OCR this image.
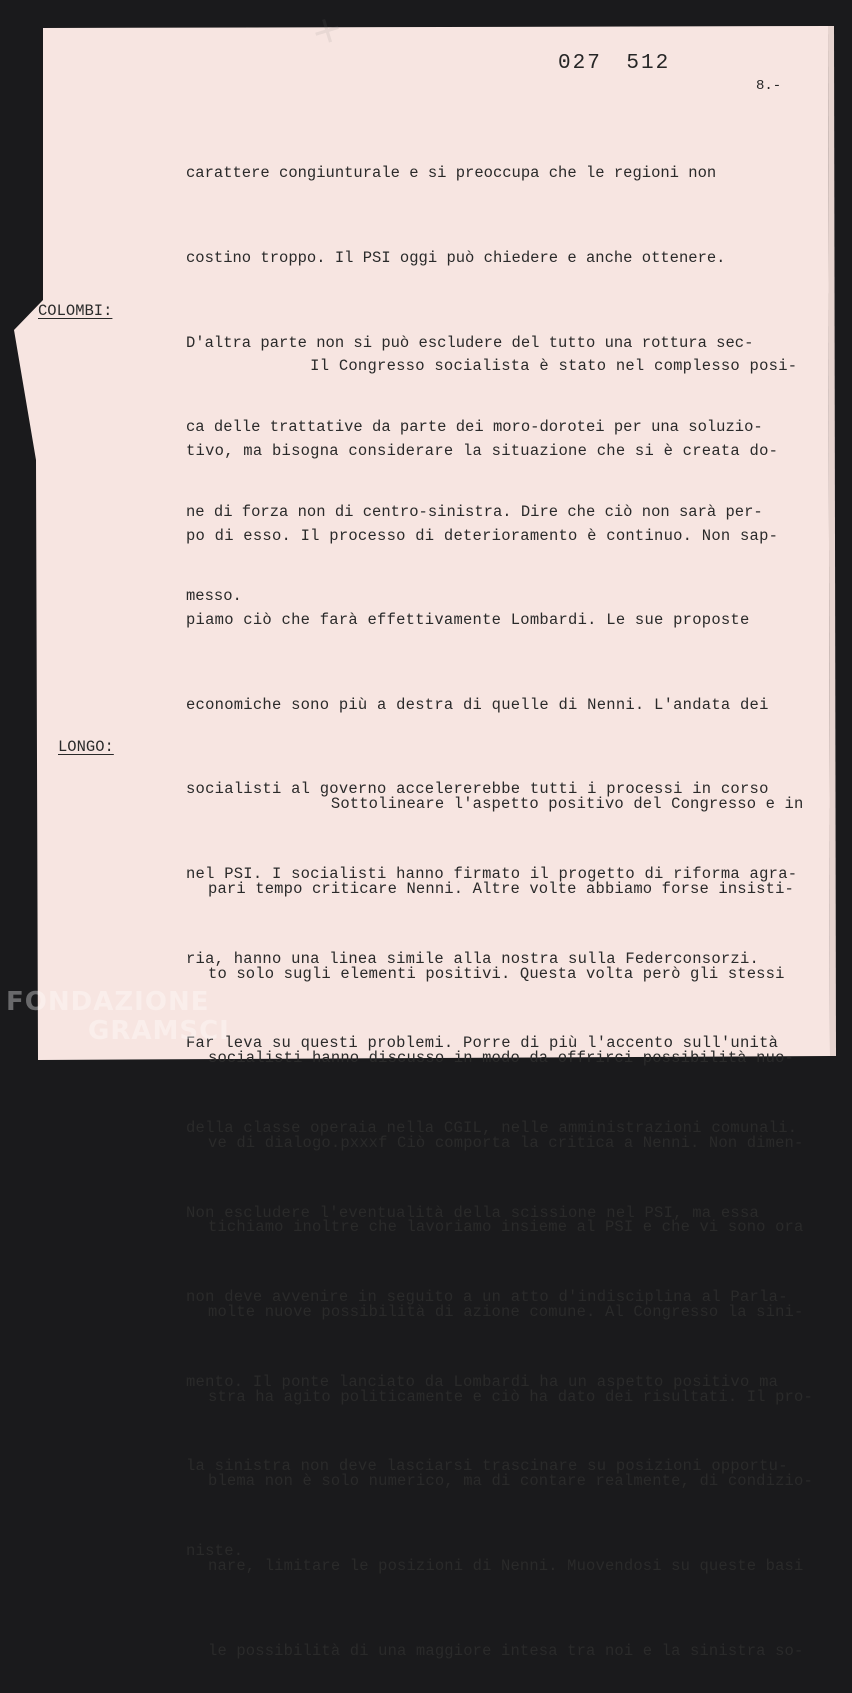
✕
027 512
8.-

carattere congiunturale e si preoccupa che le regioni non

costino troppo. Il PSI oggi può chiedere e anche ottenere.

D'altra parte non si può escludere del tutto una rottura sec-

ca delle trattative da parte dei moro-dorotei per una soluzio-

ne di forza non di centro-sinistra. Dire che ciò non sarà per-

messo.

COLOMBI:

Il Congresso socialista è stato nel complesso posi-

tivo, ma bisogna considerare la situazione che si è creata do-

po di esso. Il processo di deterioramento è continuo. Non sap-

piamo ciò che farà effettivamente Lombardi. Le sue proposte

economiche sono più a destra di quelle di Nenni. L'andata dei

socialisti al governo accelererebbe tutti i processi in corso

nel PSI. I socialisti hanno firmato il progetto di riforma agra-

ria, hanno una linea simile alla nostra sulla Federconsorzi.

Far leva su questi problemi. Porre di più l'accento sull'unità

della classe operaia nella CGIL, nelle amministrazioni comunali.

Non escludere l'eventualità della scissione nel PSI, ma essa

non deve avvenire in seguito a un atto d'indisciplina al Parla-

mento. Il ponte lanciato da Lombardi ha un aspetto positivo ma

la sinistra non deve lasciarsi trascinare su posizioni opportu-

niste.

LONGO:

Sottolineare l'aspetto positivo del Congresso e in

pari tempo criticare Nenni. Altre volte abbiamo forse insisti-

to solo sugli elementi positivi. Questa volta però gli stessi

socialisti hanno discusso in modo da offrirci possibilità nuo-

ve di dialogo.pxxxf Ciò comporta la critica a Nenni. Non dimen-

tichiamo inoltre che lavoriamo insieme al PSI e che vi sono ora

molte nuove possibilità di azione comune. Al Congresso la sini-

stra ha agito politicamente e ciò ha dato dei risultati. Il pro-

blema non è solo numerico, ma di contare realmente, di condizio-

nare, limitare le posizioni di Nenni. Muovendosi su queste basi

le possibilità di una maggiore intesa tra noi e la sinistra so-

FONDAZIONE
GRAMSCI
